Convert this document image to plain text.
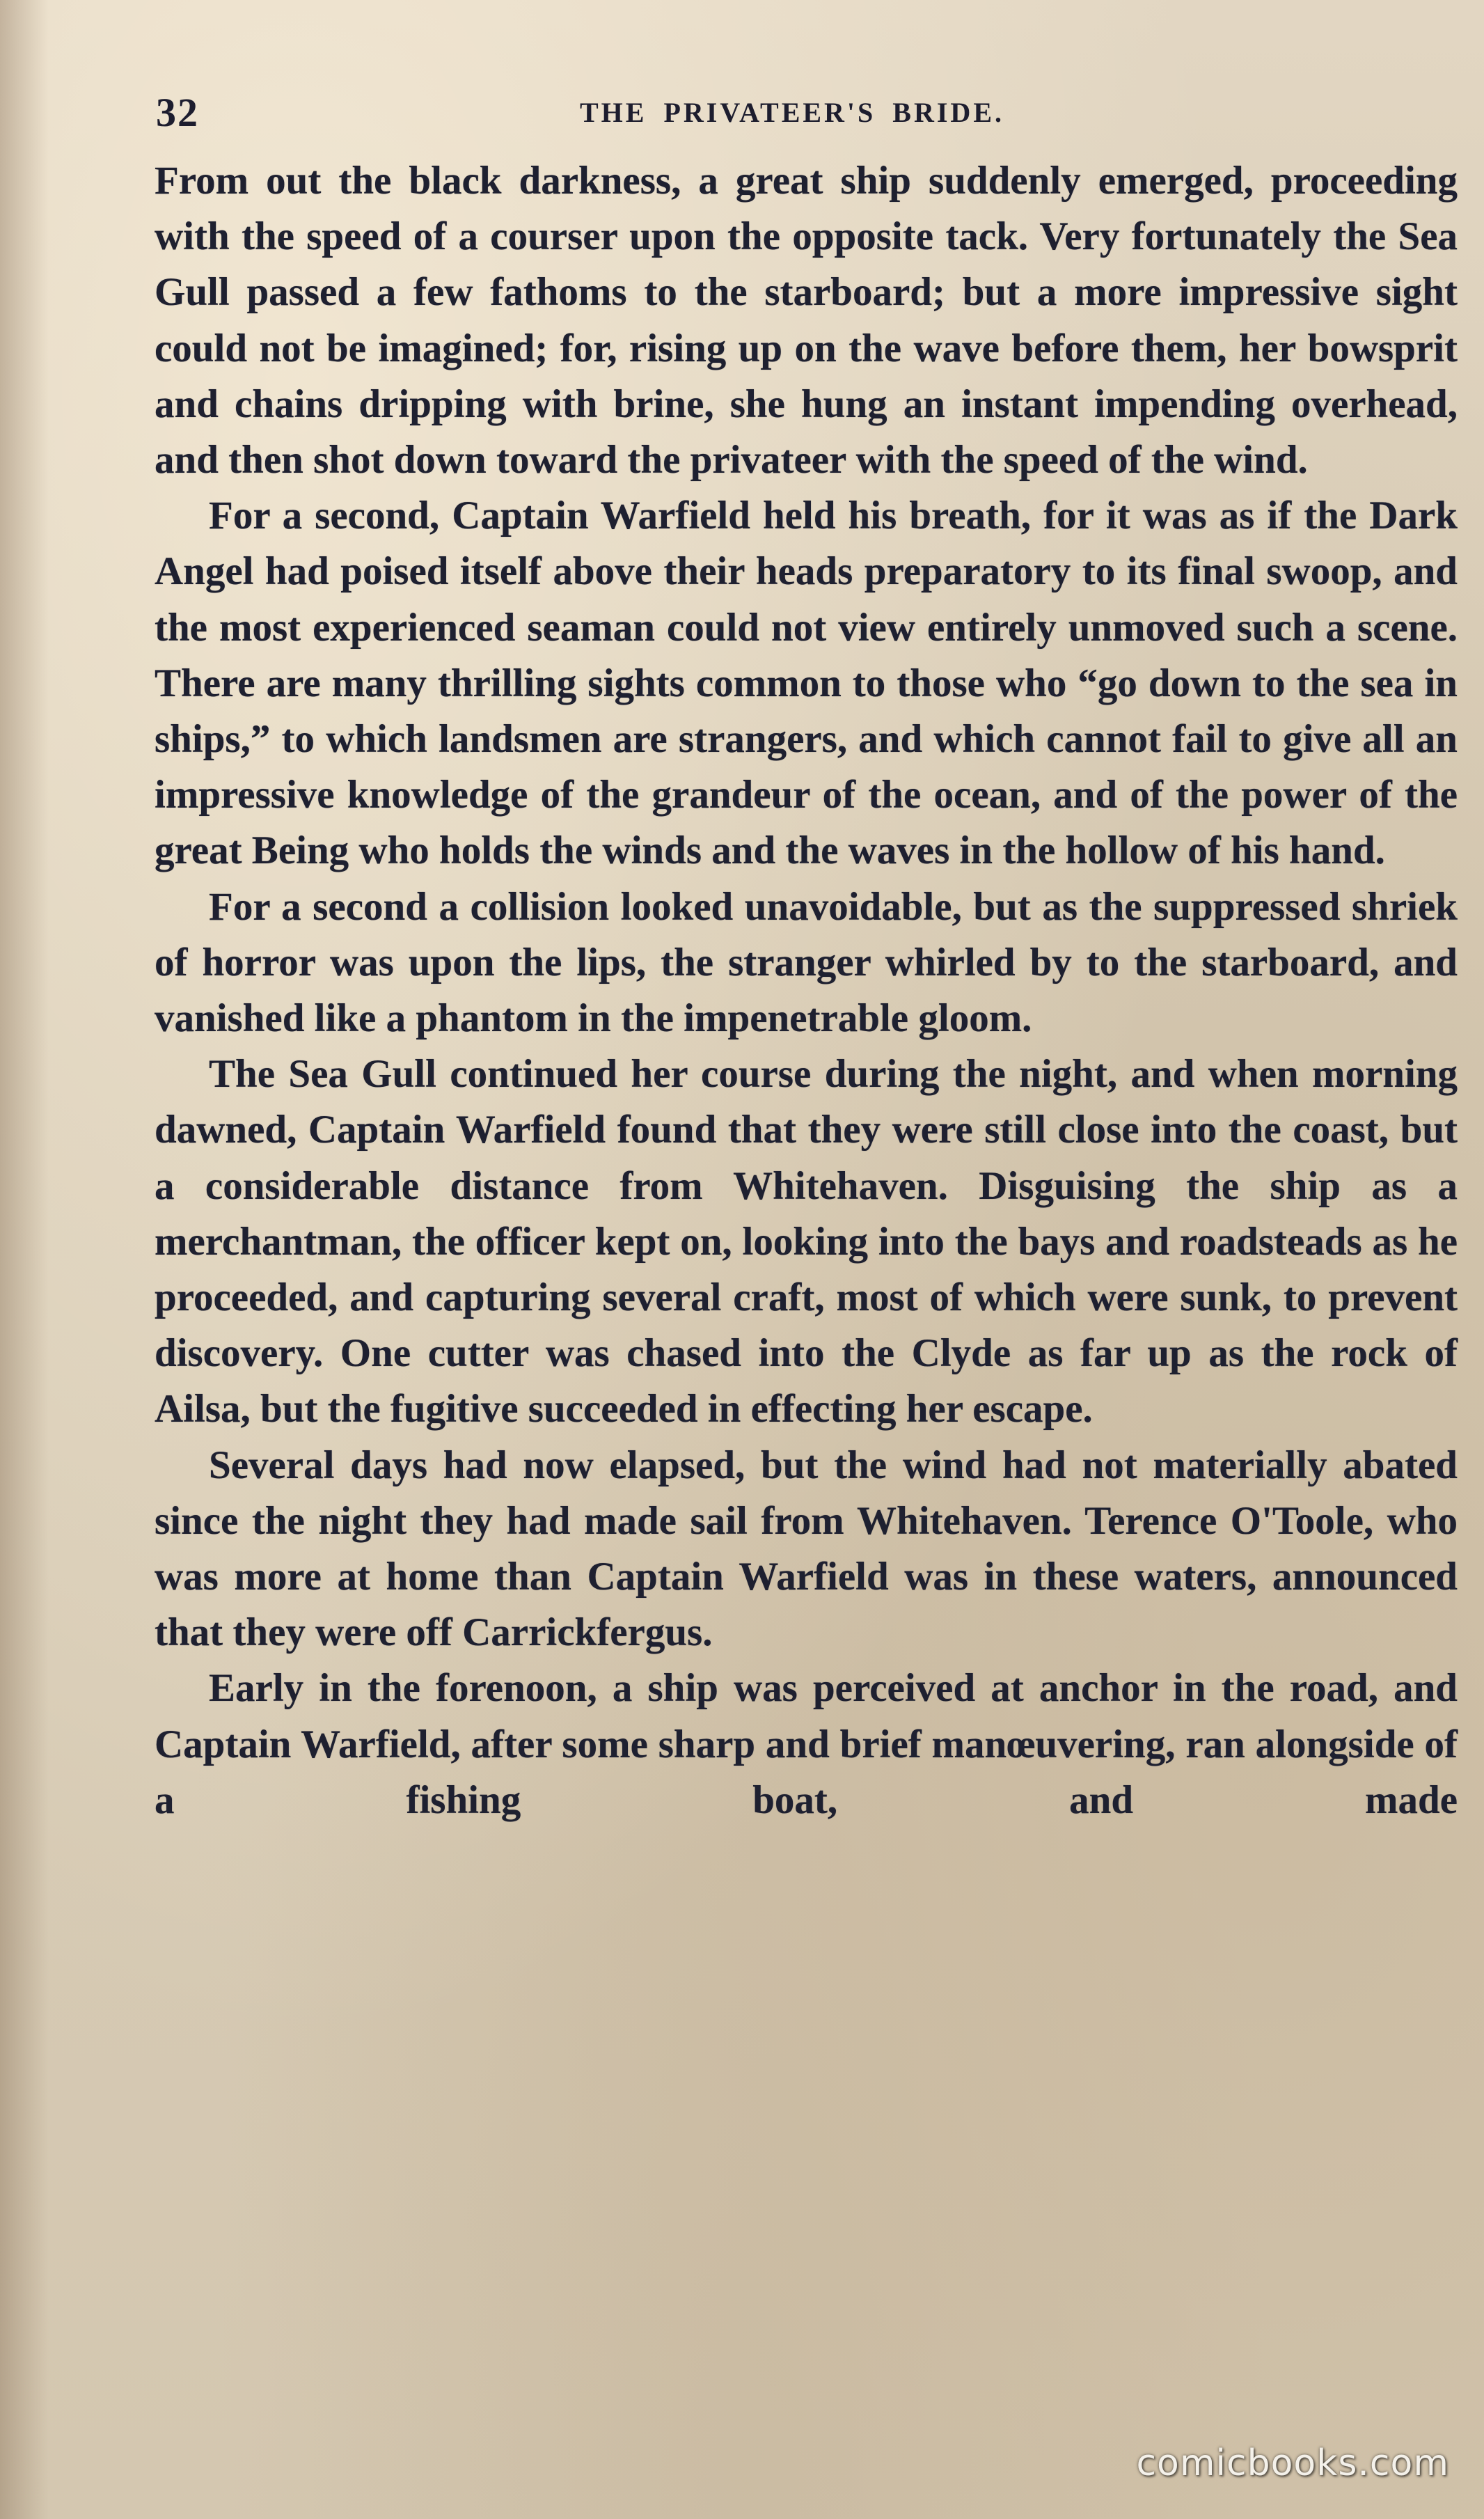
32	THE PRIVATEER'S BRIDE.

From out the black darkness, a great ship suddenly emerged, proceeding with the speed of a courser upon the opposite tack. Very fortunately the Sea Gull passed a few fathoms to the starboard; but a more impressive sight could not be imagined; for, rising up on the wave before them, her bowsprit and chains dripping with brine, she hung an instant impending overhead, and then shot down toward the privateer with the speed of the wind.

For a second, Captain Warfield held his breath, for it was as if the Dark Angel had poised itself above their heads preparatory to its final swoop, and the most experienced seaman could not view entirely unmoved such a scene. There are many thrilling sights common to those who “go down to the sea in ships,” to which landsmen are strangers, and which cannot fail to give all an impressive knowledge of the grandeur of the ocean, and of the power of the great Being who holds the winds and the waves in the hollow of his hand.

For a second a collision looked unavoidable, but as the suppressed shriek of horror was upon the lips, the stranger whirled by to the starboard, and vanished like a phantom in the impenetrable gloom.

The Sea Gull continued her course during the night, and when morning dawned, Captain Warfield found that they were still close into the coast, but a considerable distance from Whitehaven. Disguising the ship as a merchantman, the officer kept on, looking into the bays and roadsteads as he proceeded, and capturing several craft, most of which were sunk, to prevent discovery. One cutter was chased into the Clyde as far up as the rock of Ailsa, but the fugitive succeeded in effecting her escape.

Several days had now elapsed, but the wind had not materially abated since the night they had made sail from Whitehaven. Terence O'Toole, who was more at home than Captain Warfield was in these waters, announced that they were off Carrickfergus.

Early in the forenoon, a ship was perceived at anchor in the road, and Captain Warfield, after some sharp and brief manœuvering, ran alongside of a fishing boat, and made

comicbooks.com
